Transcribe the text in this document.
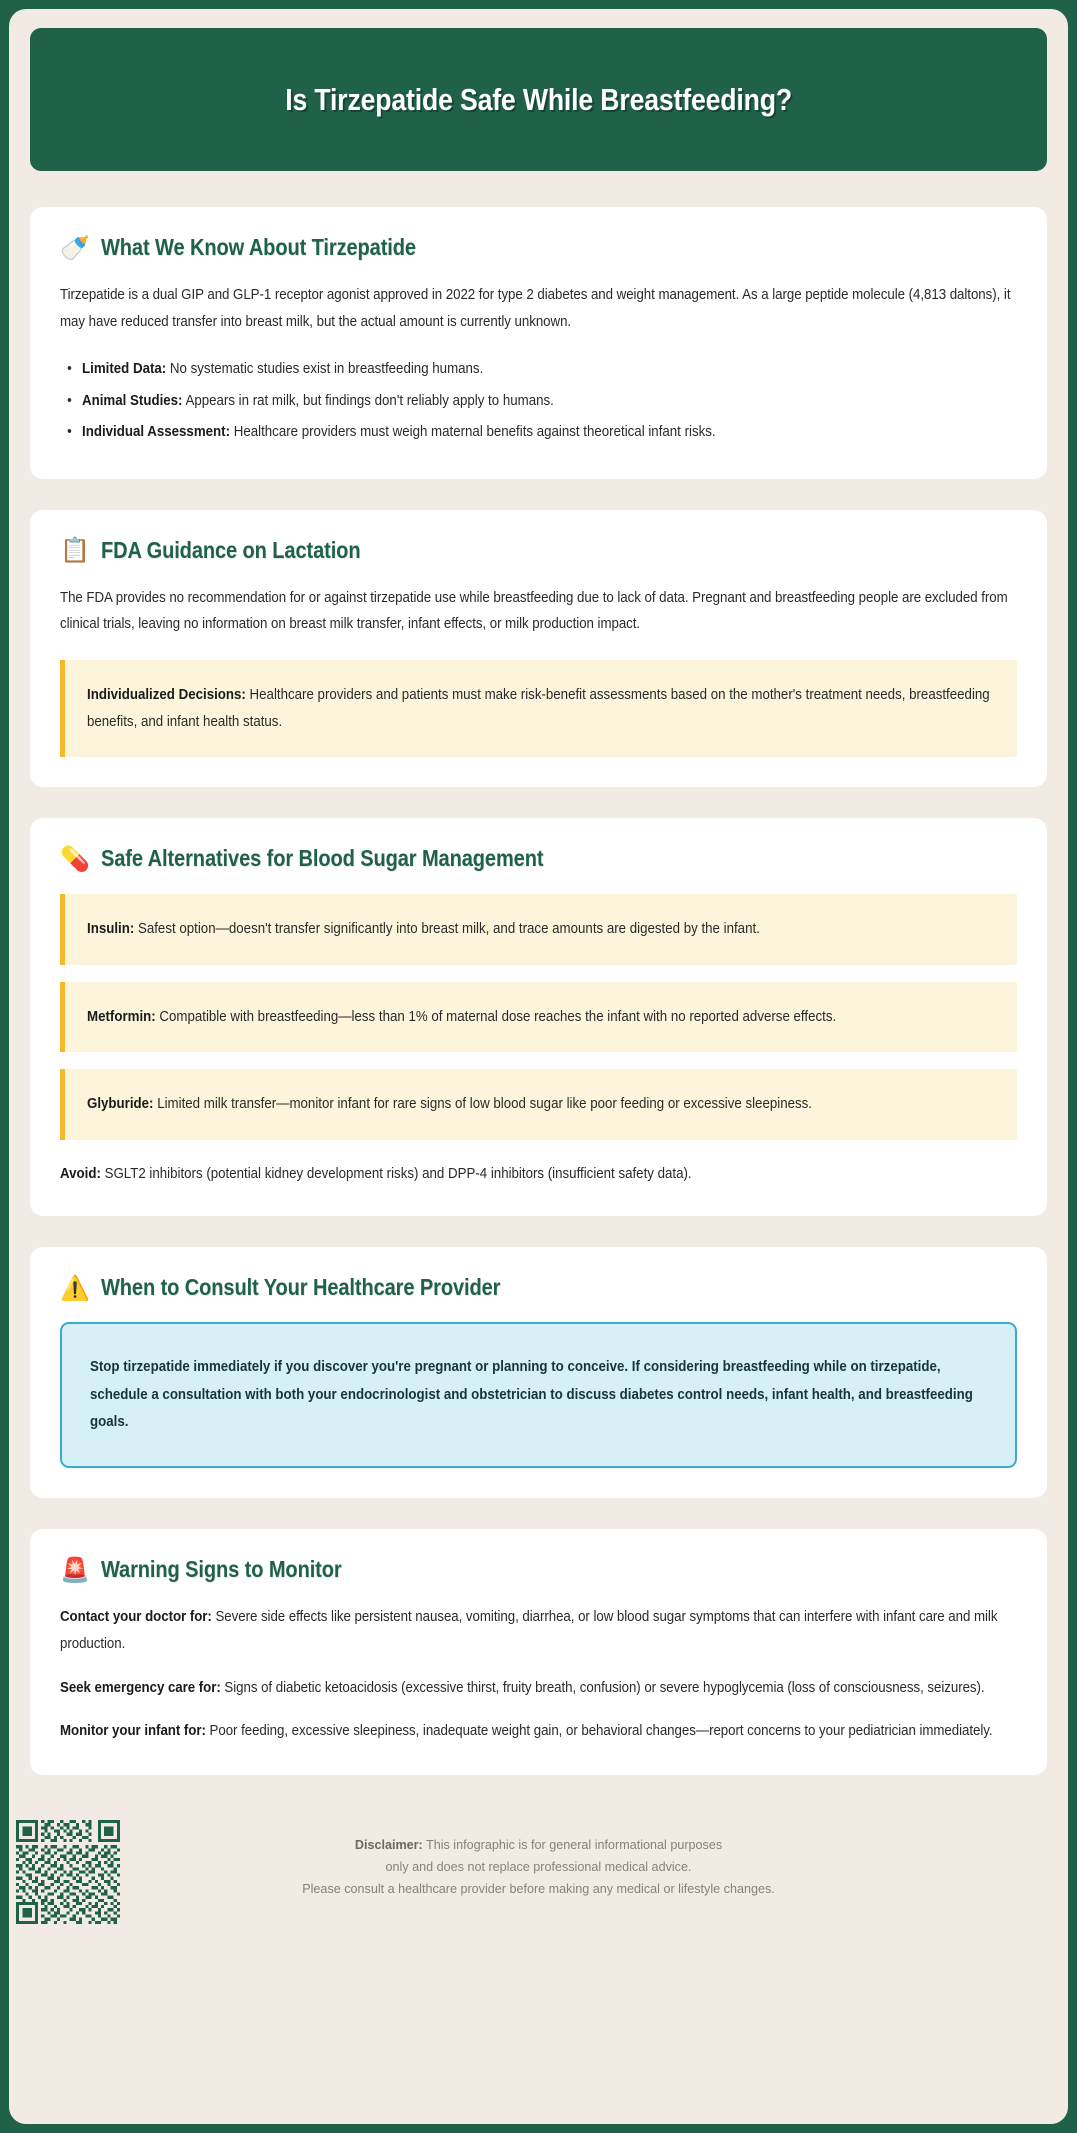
Is Tirzepatide Safe While Breastfeeding?
🍼 What We Know About Tirzepatide
Tirzepatide is a dual GIP and GLP-1 receptor agonist approved in 2022 for type 2 diabetes and weight management. As a large peptide molecule (4,813 daltons), it may have reduced transfer into breast milk, but the actual amount is currently unknown.
• Limited Data: No systematic studies exist in breastfeeding humans.
• Animal Studies: Appears in rat milk, but findings don't reliably apply to humans.
• Individual Assessment: Healthcare providers must weigh maternal benefits against theoretical infant risks.
📋 FDA Guidance on Lactation
The FDA provides no recommendation for or against tirzepatide use while breastfeeding due to lack of data. Pregnant and breastfeeding people are excluded from clinical trials, leaving no information on breast milk transfer, infant effects, or milk production impact.
Individualized Decisions: Healthcare providers and patients must make risk-benefit assessments based on the mother's treatment needs, breastfeeding benefits, and infant health status.
💊 Safe Alternatives for Blood Sugar Management
Insulin: Safest option—doesn't transfer significantly into breast milk, and trace amounts are digested by the infant.
Metformin: Compatible with breastfeeding—less than 1% of maternal dose reaches the infant with no reported adverse effects.
Glyburide: Limited milk transfer—monitor infant for rare signs of low blood sugar like poor feeding or excessive sleepiness.
Avoid: SGLT2 inhibitors (potential kidney development risks) and DPP-4 inhibitors (insufficient safety data).
⚠️ When to Consult Your Healthcare Provider
Stop tirzepatide immediately if you discover you're pregnant or planning to conceive. If considering breastfeeding while on tirzepatide, schedule a consultation with both your endocrinologist and obstetrician to discuss diabetes control needs, infant health, and breastfeeding goals.
🚨 Warning Signs to Monitor
Contact your doctor for: Severe side effects like persistent nausea, vomiting, diarrhea, or low blood sugar symptoms that can interfere with infant care and milk production.
Seek emergency care for: Signs of diabetic ketoacidosis (excessive thirst, fruity breath, confusion) or severe hypoglycemia (loss of consciousness, seizures).
Monitor your infant for: Poor feeding, excessive sleepiness, inadequate weight gain, or behavioral changes—report concerns to your pediatrician immediately.
Disclaimer: This infographic is for general informational purposes
only and does not replace professional medical advice.
Please consult a healthcare provider before making any medical or lifestyle changes.
